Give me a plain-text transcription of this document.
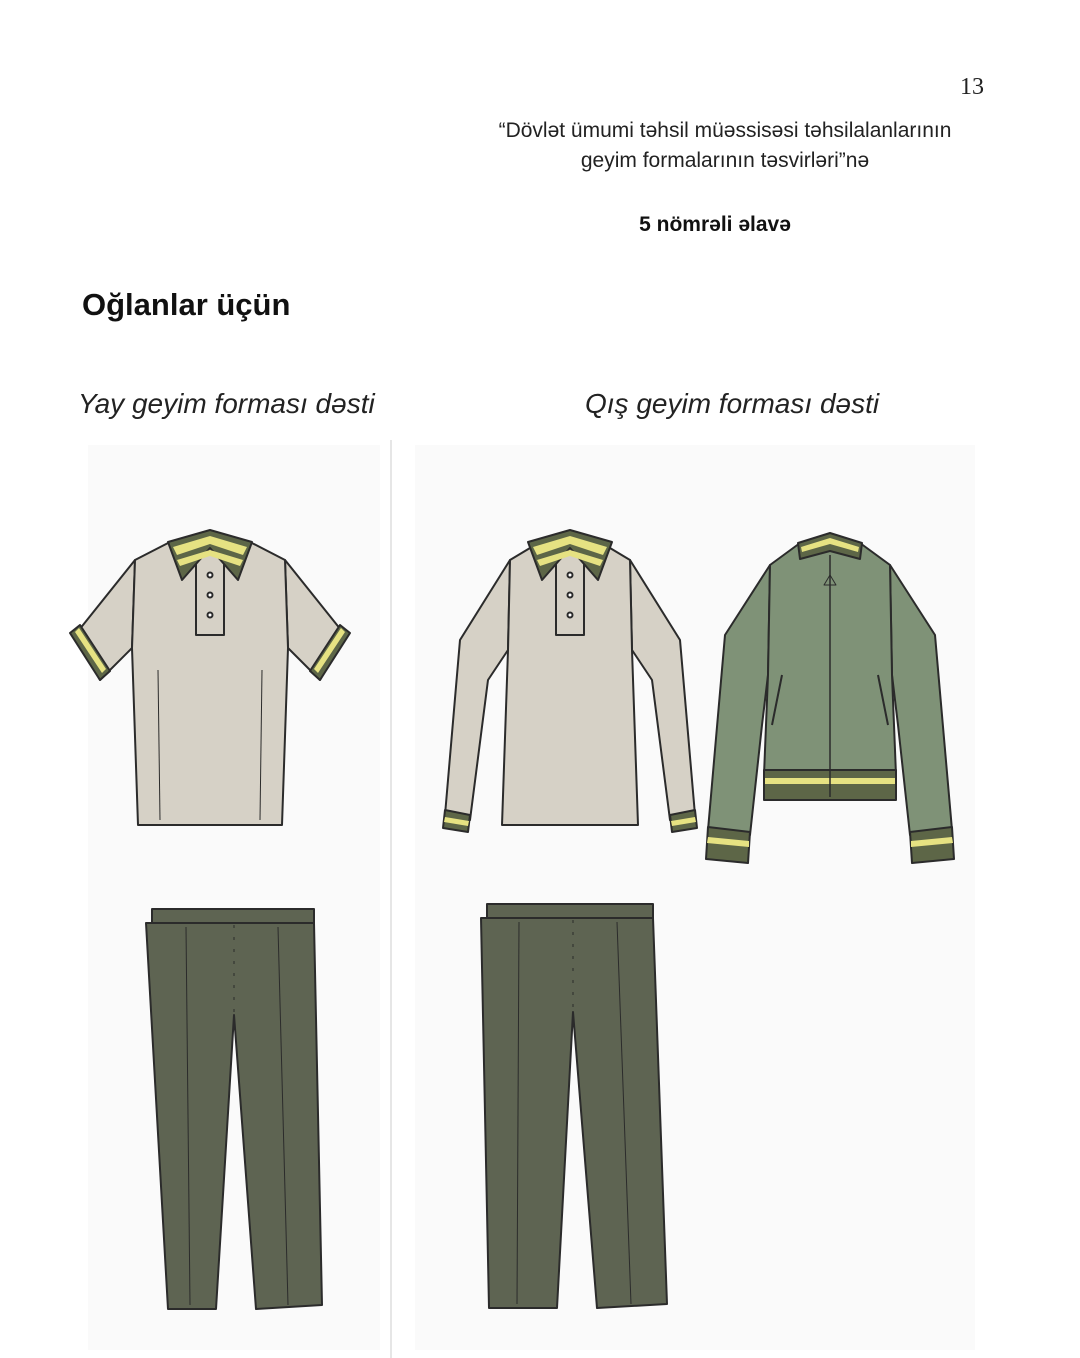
13
“Dövlət ümumi təhsil müəssisəsi təhsilalanlarının
geyim formalarının təsvirləri”nə
5 nömrəli əlavə
Oğlanlar üçün
Yay geyim forması dəsti	Qış geyim forması dəsti
